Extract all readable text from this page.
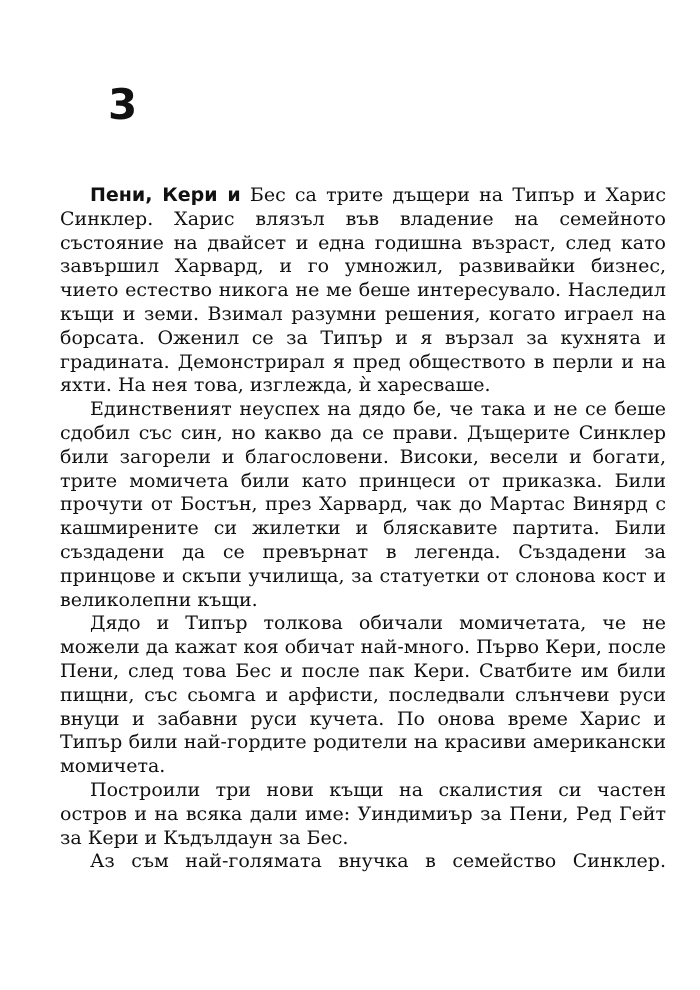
3

Пени, Кери и Бес са трите дъщери на Типър и Харис Синклер. Харис влязъл във владение на семейното състояние на двайсет и една годишна възраст, след като завършил Харвард, и го умножил, развивайки бизнес, чието естество никога не ме беше интересувало. Наследил къщи и земи. Взимал разумни решения, когато играел на борсата. Оженил се за Типър и я вързал за кухнята и градината. Демонстрирал я пред обществото в перли и на яхти. На нея това, изглежда, ѝ харесваше.

Единственият неуспех на дядо бе, че така и не се беше сдобил със син, но какво да се прави. Дъщерите Синклер били загорели и благословени. Високи, весели и богати, трите момичета били като принцеси от приказка. Били прочути от Бостън, през Харвард, чак до Мартас Винярд с кашмирените си жилетки и бляскавите партита. Били създадени да се превърнат в легенда. Създадени за принцове и скъпи училища, за статуетки от слонова кост и великолепни къщи.

Дядо и Типър толкова обичали момичетата, че не можели да кажат коя обичат най-много. Първо Кери, после Пени, след това Бес и после пак Кери. Сватбите им били пищни, със сьомга и арфисти, последвали слънчеви руси внуци и забавни руси кучета. По онова време Харис и Типър били най-гордите родители на красиви американски момичета.

Построили три нови къщи на скалистия си частен остров и на всяка дали име: Уиндимиър за Пени, Ред Гейт за Кери и Къдълдаун за Бес.

Аз съм най-голямата внучка в семейство Синклер.
